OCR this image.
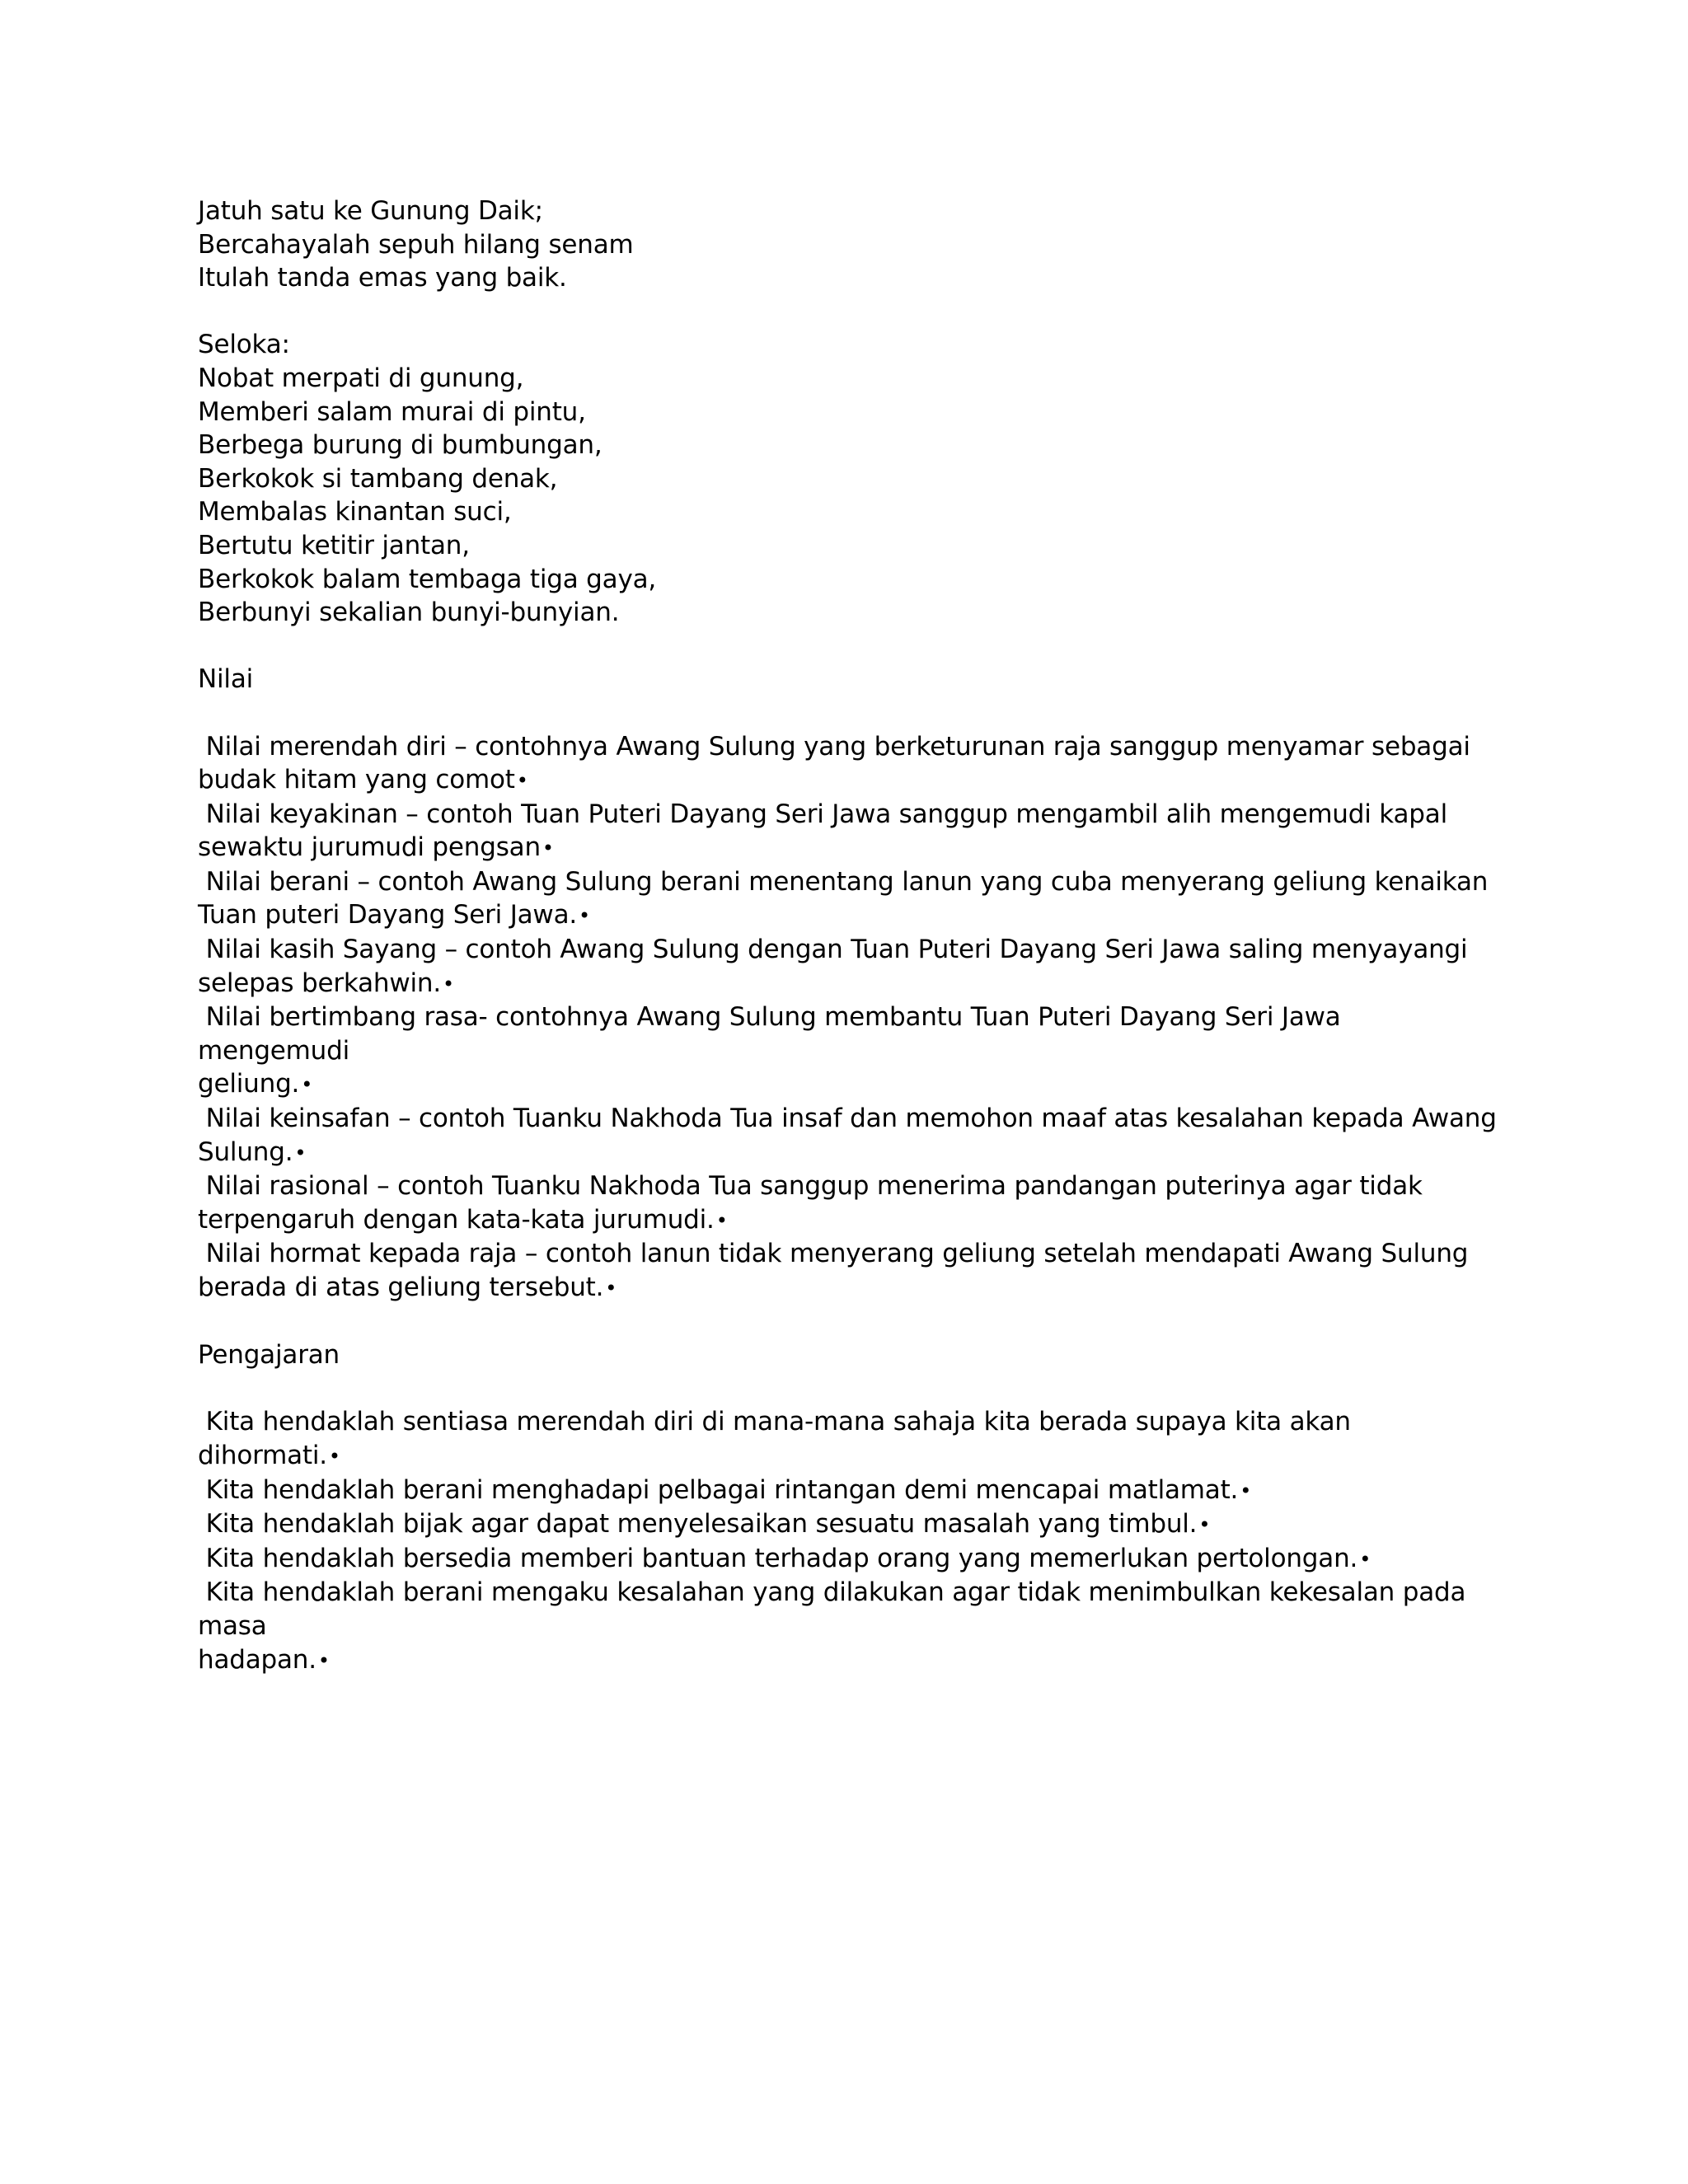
Jatuh satu ke Gunung Daik;
Bercahayalah sepuh hilang senam
Itulah tanda emas yang baik.
Seloka:
Nobat merpati di gunung,
Memberi salam murai di pintu,
Berbega burung di bumbungan,
Berkokok si tambang denak,
Membalas kinantan suci,
Bertutu ketitir jantan,
Berkokok balam tembaga tiga gaya,
Berbunyi sekalian bunyi-bunyian.
Nilai
Nilai merendah diri – contohnya Awang Sulung yang berketurunan raja sanggup menyamar sebagai
budak hitam yang comot•
Nilai keyakinan – contoh Tuan Puteri Dayang Seri Jawa sanggup mengambil alih mengemudi kapal
sewaktu jurumudi pengsan•
Nilai berani – contoh Awang Sulung berani menentang lanun yang cuba menyerang geliung kenaikan
Tuan puteri Dayang Seri Jawa.•
Nilai kasih Sayang – contoh Awang Sulung dengan Tuan Puteri Dayang Seri Jawa saling menyayangi
selepas berkahwin.•
Nilai bertimbang rasa- contohnya Awang Sulung membantu Tuan Puteri Dayang Seri Jawa mengemudi
geliung.•
Nilai keinsafan – contoh Tuanku Nakhoda Tua insaf dan memohon maaf atas kesalahan kepada Awang
Sulung.•
Nilai rasional – contoh Tuanku Nakhoda Tua sanggup menerima pandangan puterinya agar tidak
terpengaruh dengan kata-kata jurumudi.•
Nilai hormat kepada raja – contoh lanun tidak menyerang geliung setelah mendapati Awang Sulung
berada di atas geliung tersebut.•
Pengajaran
Kita hendaklah sentiasa merendah diri di mana-mana sahaja kita berada supaya kita akan dihormati.•
Kita hendaklah berani menghadapi pelbagai rintangan demi mencapai matlamat.•
Kita hendaklah bijak agar dapat menyelesaikan sesuatu masalah yang timbul.•
Kita hendaklah bersedia memberi bantuan terhadap orang yang memerlukan pertolongan.•
Kita hendaklah berani mengaku kesalahan yang dilakukan agar tidak menimbulkan kekesalan pada masa
hadapan.•
